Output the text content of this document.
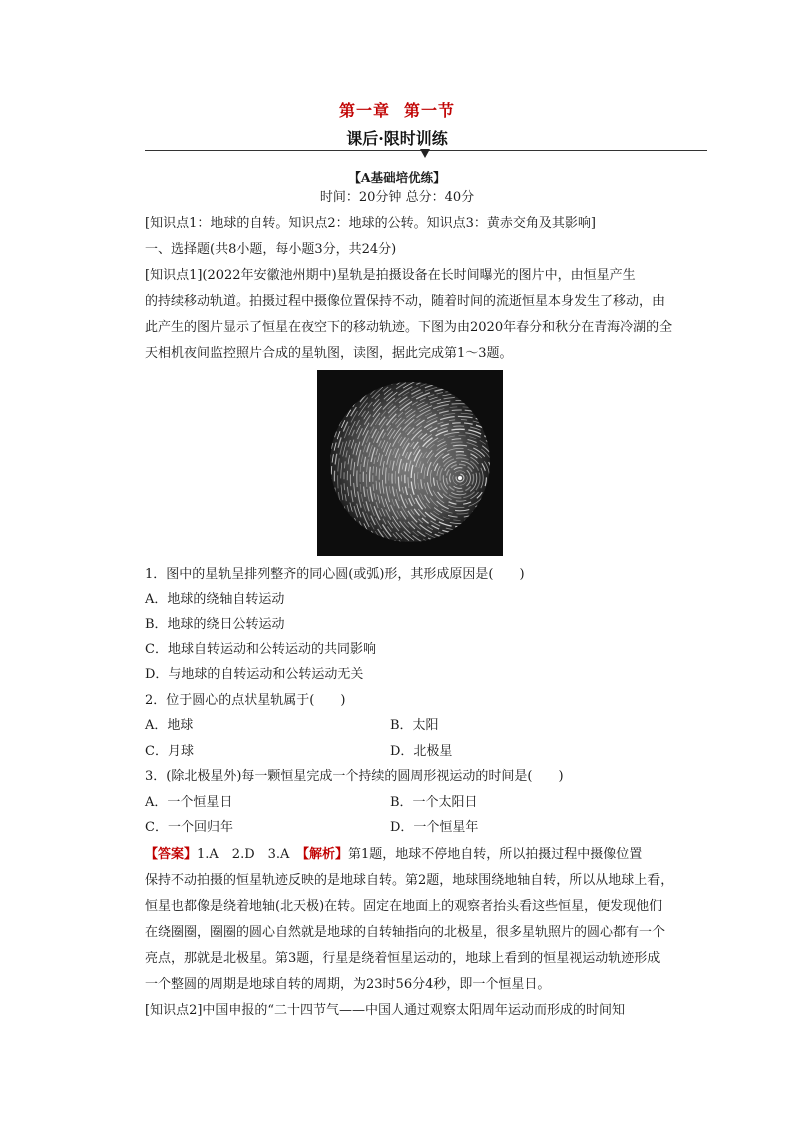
第一章 第一节
课后·限时训练
【A基础培优练】
时间：20分钟 总分：40分
[知识点1：地球的自转。知识点2：地球的公转。知识点3：黄赤交角及其影响]
一、选择题(共8小题，每小题3分，共24分)
[知识点1](2022年安徽池州期中)星轨是拍摄设备在长时间曝光的图片中，由恒星产生
的持续移动轨道。拍摄过程中摄像位置保持不动，随着时间的流逝恒星本身发生了移动，由
此产生的图片显示了恒星在夜空下的移动轨迹。下图为由2020年春分和秋分在青海冷湖的全
天相机夜间监控照片合成的星轨图，读图，据此完成第1～3题。
1．图中的星轨呈排列整齐的同心圆(或弧)形，其形成原因是(　　)
A．地球的绕轴自转运动
B．地球的绕日公转运动
C．地球自转运动和公转运动的共同影响
D．与地球的自转运动和公转运动无关
2．位于圆心的点状星轨属于(　　)
A．地球	B．太阳
C．月球	D．北极星
3．(除北极星外)每一颗恒星完成一个持续的圆周形视运动的时间是(　　)
A．一个恒星日	B．一个太阳日
C．一个回归年	D．一个恒星年
【答案】1.A　2.D　3.A　【解析】第1题，地球不停地自转，所以拍摄过程中摄像位置
保持不动拍摄的恒星轨迹反映的是地球自转。第2题，地球围绕地轴自转，所以从地球上看，
恒星也都像是绕着地轴(北天极)在转。固定在地面上的观察者抬头看这些恒星，便发现他们
在绕圈圈，圈圈的圆心自然就是地球的自转轴指向的北极星，很多星轨照片的圆心都有一个
亮点，那就是北极星。第3题，行星是绕着恒星运动的，地球上看到的恒星视运动轨迹形成
一个整圆的周期是地球自转的周期，为23时56分4秒，即一个恒星日。
[知识点2]中国申报的“二十四节气——中国人通过观察太阳周年运动而形成的时间知
